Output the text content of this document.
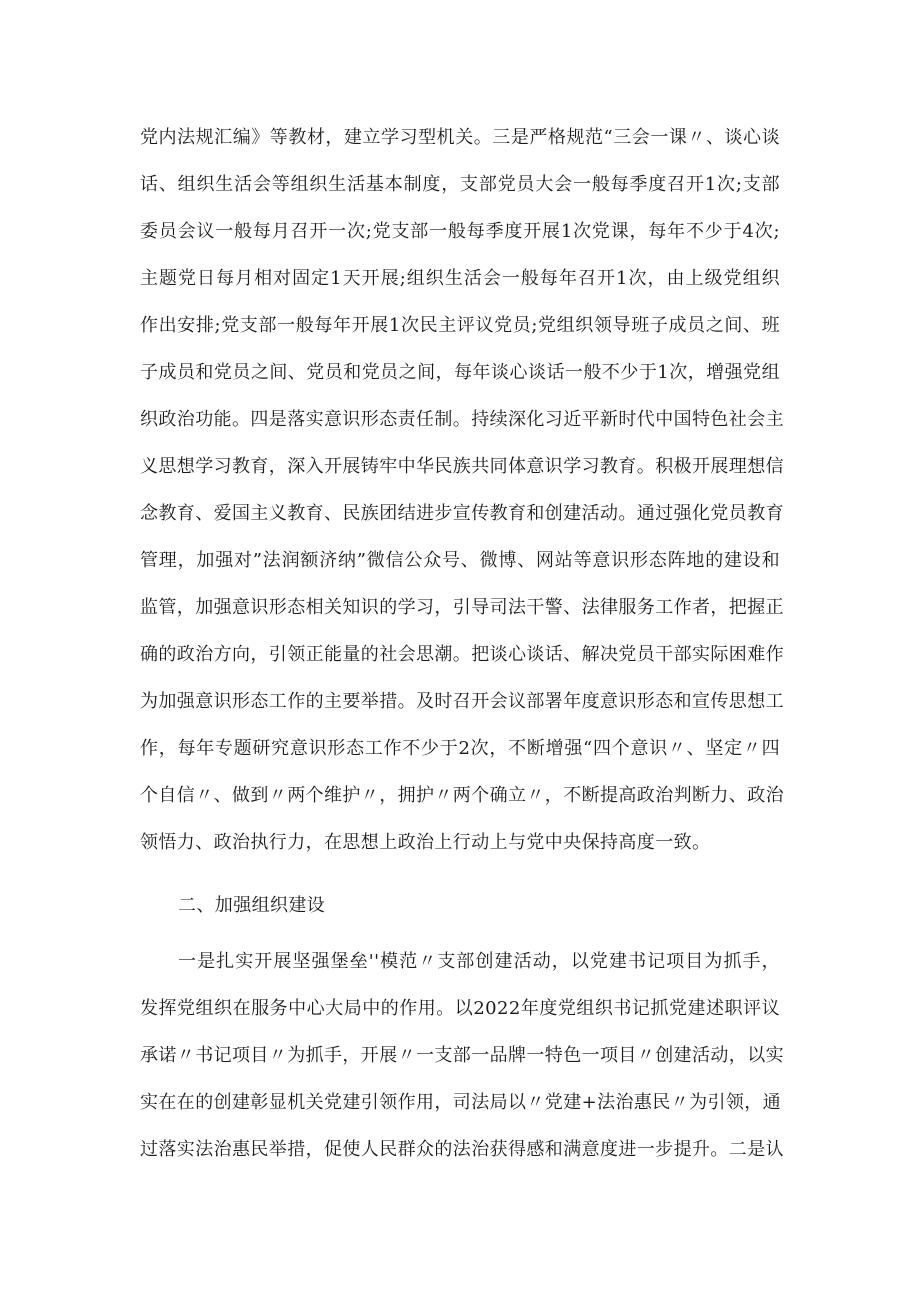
党内法规汇编》等教材，建立学习型机关。三是严格规范“三会一课〃、谈心谈
话、组织生活会等组织生活基本制度，支部党员大会一般每季度召开1次;支部
委员会议一般每月召开一次;党支部一般每季度开展1次党课，每年不少于4次;
主题党日每月相对固定1天开展;组织生活会一般每年召开1次，由上级党组织
作出安排;党支部一般每年开展1次民主评议党员;党组织领导班子成员之间、班
子成员和党员之间、党员和党员之间，每年谈心谈话一般不少于1次，增强党组
织政治功能。四是落实意识形态责任制。持续深化习近平新时代中国特色社会主
义思想学习教育，深入开展铸牢中华民族共同体意识学习教育。积极开展理想信
念教育、爱国主义教育、民族团结进步宣传教育和创建活动。通过强化党员教育
管理，加强对”法润额济纳”微信公众号、微博、网站等意识形态阵地的建设和
监管，加强意识形态相关知识的学习，引导司法干警、法律服务工作者，把握正
确的政治方向，引领正能量的社会思潮。把谈心谈话、解决党员干部实际困难作
为加强意识形态工作的主要举措。及时召开会议部署年度意识形态和宣传思想工
作，每年专题研究意识形态工作不少于2次，不断增强“四个意识〃、坚定〃四
个自信〃、做到〃两个维护〃，拥护〃两个确立〃，不断提高政治判断力、政治
领悟力、政治执行力，在思想上政治上行动上与党中央保持高度一致。
二、加强组织建设
一是扎实开展坚强堡垒''模范〃支部创建活动，以党建书记项目为抓手，
发挥党组织在服务中心大局中的作用。以2022年度党组织书记抓党建述职评议
承诺〃书记项目〃为抓手，开展〃一支部一品牌一特色一项目〃创建活动，以实
实在在的创建彰显机关党建引领作用，司法局以〃党建+法治惠民〃为引领，通
过落实法治惠民举措，促使人民群众的法治获得感和满意度进一步提升。二是认
